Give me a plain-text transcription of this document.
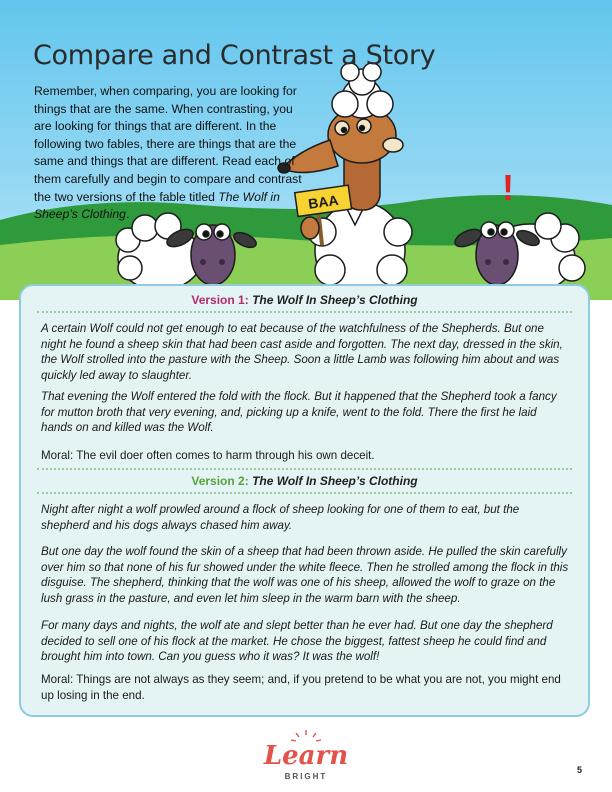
BAA	!
Compare and Contrast a Story

Remember, when comparing, you are looking for things that are the same. When contrasting, you are looking for things that are different. In the following two fables, there are things that are the same and things that are different. Read each of them carefully and begin to compare and contrast the two versions of the fable titled The Wolf in Sheep’s Clothing.

Version 1: The Wolf In Sheep’s Clothing

A certain Wolf could not get enough to eat because of the watchfulness of the Shepherds. But one night he found a sheep skin that had been cast aside and forgotten. The next day, dressed in the skin, the Wolf strolled into the pasture with the Sheep. Soon a little Lamb was following him about and was quickly led away to slaughter.

That evening the Wolf entered the fold with the flock. But it happened that the Shepherd took a fancy for mutton broth that very evening, and, picking up a knife, went to the fold. There the first he laid hands on and killed was the Wolf.

Moral: The evil doer often comes to harm through his own deceit.

Version 2: The Wolf In Sheep’s Clothing

Night after night a wolf prowled around a flock of sheep looking for one of them to eat, but the shepherd and his dogs always chased him away.

But one day the wolf found the skin of a sheep that had been thrown aside. He pulled the skin carefully over him so that none of his fur showed under the white fleece. Then he strolled among the flock in this disguise. The shepherd, thinking that the wolf was one of his sheep, allowed the wolf to graze on the lush grass in the pasture, and even let him sleep in the warm barn with the sheep.

For many days and nights, the wolf ate and slept better than he ever had. But one day the shepherd decided to sell one of his flock at the market. He chose the biggest, fattest sheep he could find and brought him into town. Can you guess who it was? It was the wolf!

Moral: Things are not always as they seem; and, if you pretend to be what you are not, you might end up losing in the end.

Learn
BRIGHT
5
